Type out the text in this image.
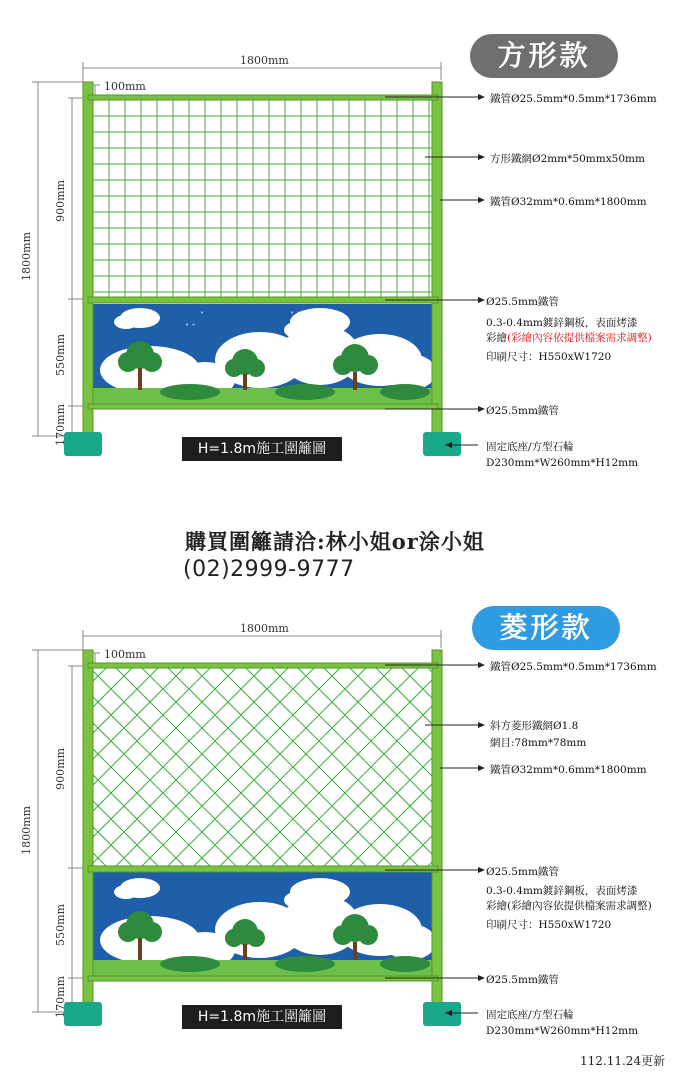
方形款
˅ ˅
˅	˅ ˅
1800mm
100mm
1800mm
900mm
550mm
170mm
H=1.8m施工圍籬圖
鐵管Ø25.5mm*0.5mm*1736mm
方形鐵網Ø2mm*50mmx50mm
鐵管Ø32mm*0.6mm*1800mm
Ø25.5mm鐵管
0.3-0.4mm鍍鋅鋼板，表面烤漆
彩繪(彩繪內容依提供檔案需求調整)
印刷尺寸：H550xW1720
Ø25.5mm鐵管
固定底座/方型石輪
D230mm*W260mm*H12mm
購買圍籬請洽:林小姐or涂小姐
(02)2999-9777
菱形款
1800mm
100mm
1800mm
900mm
550mm
170mm	H=1.8m施工圍籬圖
鐵管Ø25.5mm*0.5mm*1736mm
斜方菱形鐵網Ø1.8
網目:78mm*78mm
鐵管Ø32mm*0.6mm*1800mm
Ø25.5mm鐵管
0.3-0.4mm鍍鋅鋼板，表面烤漆
彩繪(彩繪內容依提供檔案需求調整)
印刷尺寸：H550xW1720
Ø25.5mm鐵管
固定底座/方型石輪
D230mm*W260mm*H12mm
112.11.24更新
